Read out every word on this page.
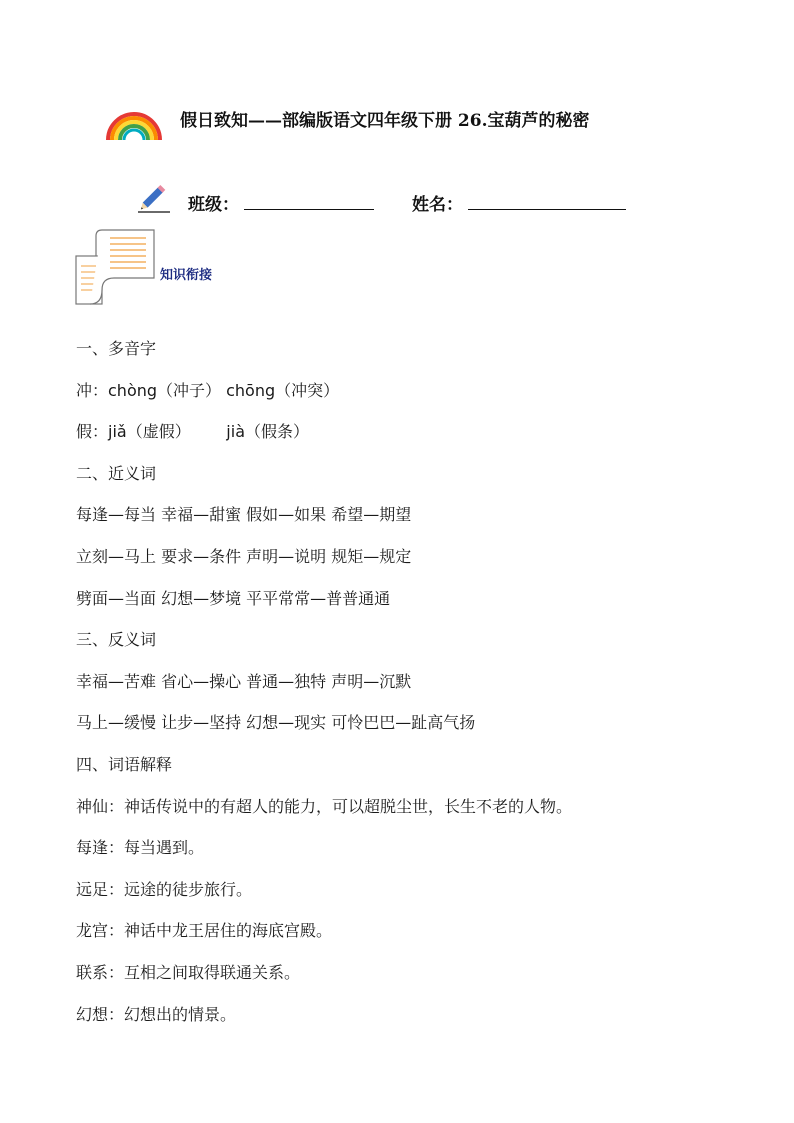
假日致知——部编版语文四年级下册 26.宝葫芦的秘密
班级：	姓名：
知识衔接
一、多音字
冲：chòng（冲子） chōng（冲突）
假：jiǎ（虚假）       jià（假条）
二、近义词
每逢—每当 幸福—甜蜜 假如—如果 希望—期望
立刻—马上 要求—条件 声明—说明 规矩—规定
劈面—当面 幻想—梦境 平平常常—普普通通
三、反义词
幸福—苦难 省心—操心 普通—独特 声明—沉默
马上—缓慢 让步—坚持 幻想—现实 可怜巴巴—趾高气扬
四、词语解释
神仙：神话传说中的有超人的能力，可以超脱尘世，长生不老的人物。
每逢：每当遇到。
远足：远途的徒步旅行。
龙宫：神话中龙王居住的海底宫殿。
联系：互相之间取得联通关系。
幻想：幻想出的情景。
